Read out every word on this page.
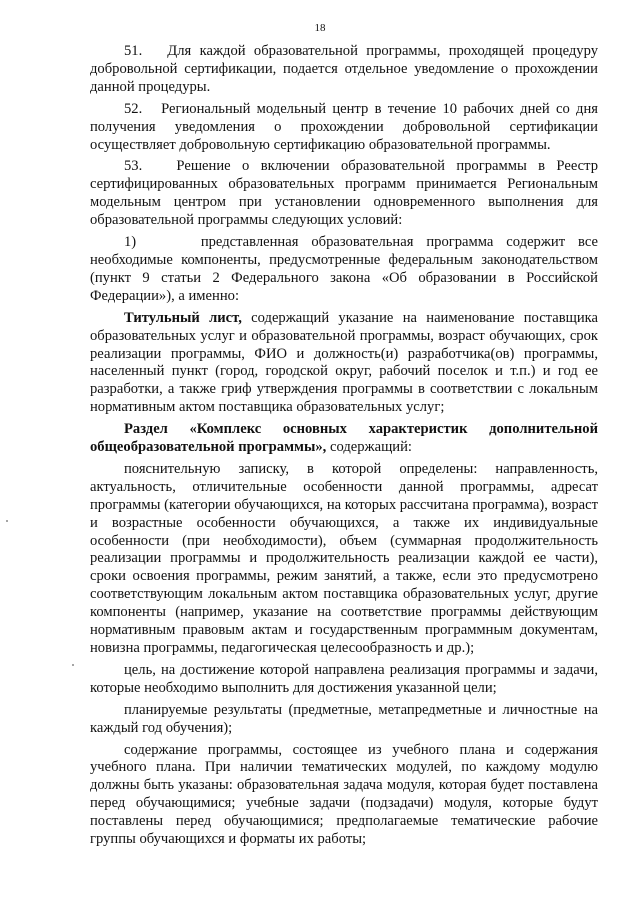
18

51.   Для каждой образовательной программы, проходящей процедуру добровольной сертификации, подается отдельное уведомление о прохождении данной процедуры.

52.   Региональный модельный центр в течение 10 рабочих дней со дня получения уведомления о прохождении добровольной сертификации осуществляет добровольную сертификацию образовательной программы.

53.   Решение о включении образовательной программы в Реестр сертифицированных образовательных программ принимается Региональным модельным центром при установлении одновременного выполнения для образовательной программы следующих условий:

1)     представленная образовательная программа содержит все необходимые компоненты, предусмотренные федеральным законодательством (пункт 9 статьи 2 Федерального закона «Об образовании в Российской Федерации»), а именно:

Титульный лист, содержащий указание на наименование поставщика образовательных услуг и образовательной программы, возраст обучающих, срок реализации программы, ФИО и должность(и) разработчика(ов) программы, населенный пункт (город, городской округ, рабочий поселок и т.п.) и год ее разработки, а также гриф утверждения программы в соответствии с локальным нормативным актом поставщика образовательных услуг;

Раздел «Комплекс основных характеристик дополнительной общеобразовательной программы», содержащий:

пояснительную записку, в которой определены: направленность, актуальность, отличительные особенности данной программы, адресат программы (категории обучающихся, на которых рассчитана программа), возраст и возрастные особенности обучающихся, а также их индивидуальные особенности (при необходимости), объем (суммарная продолжительность реализации программы и продолжительность реализации каждой ее части), сроки освоения программы, режим занятий, а также, если это предусмотрено соответствующим локальным актом поставщика образовательных услуг, другие компоненты (например, указание на соответствие программы действующим нормативным правовым актам и государственным программным документам, новизна программы, педагогическая целесообразность и др.);

цель, на достижение которой направлена реализация программы и задачи, которые необходимо выполнить для достижения указанной цели;

планируемые результаты (предметные, метапредметные и личностные на каждый год обучения);

содержание программы, состоящее из учебного плана и содержания учебного плана. При наличии тематических модулей, по каждому модулю должны быть указаны: образовательная задача модуля, которая будет поставлена перед обучающимися; учебные задачи (подзадачи) модуля, которые будут поставлены перед обучающимися; предполагаемые тематические рабочие группы обучающихся и форматы их работы;
